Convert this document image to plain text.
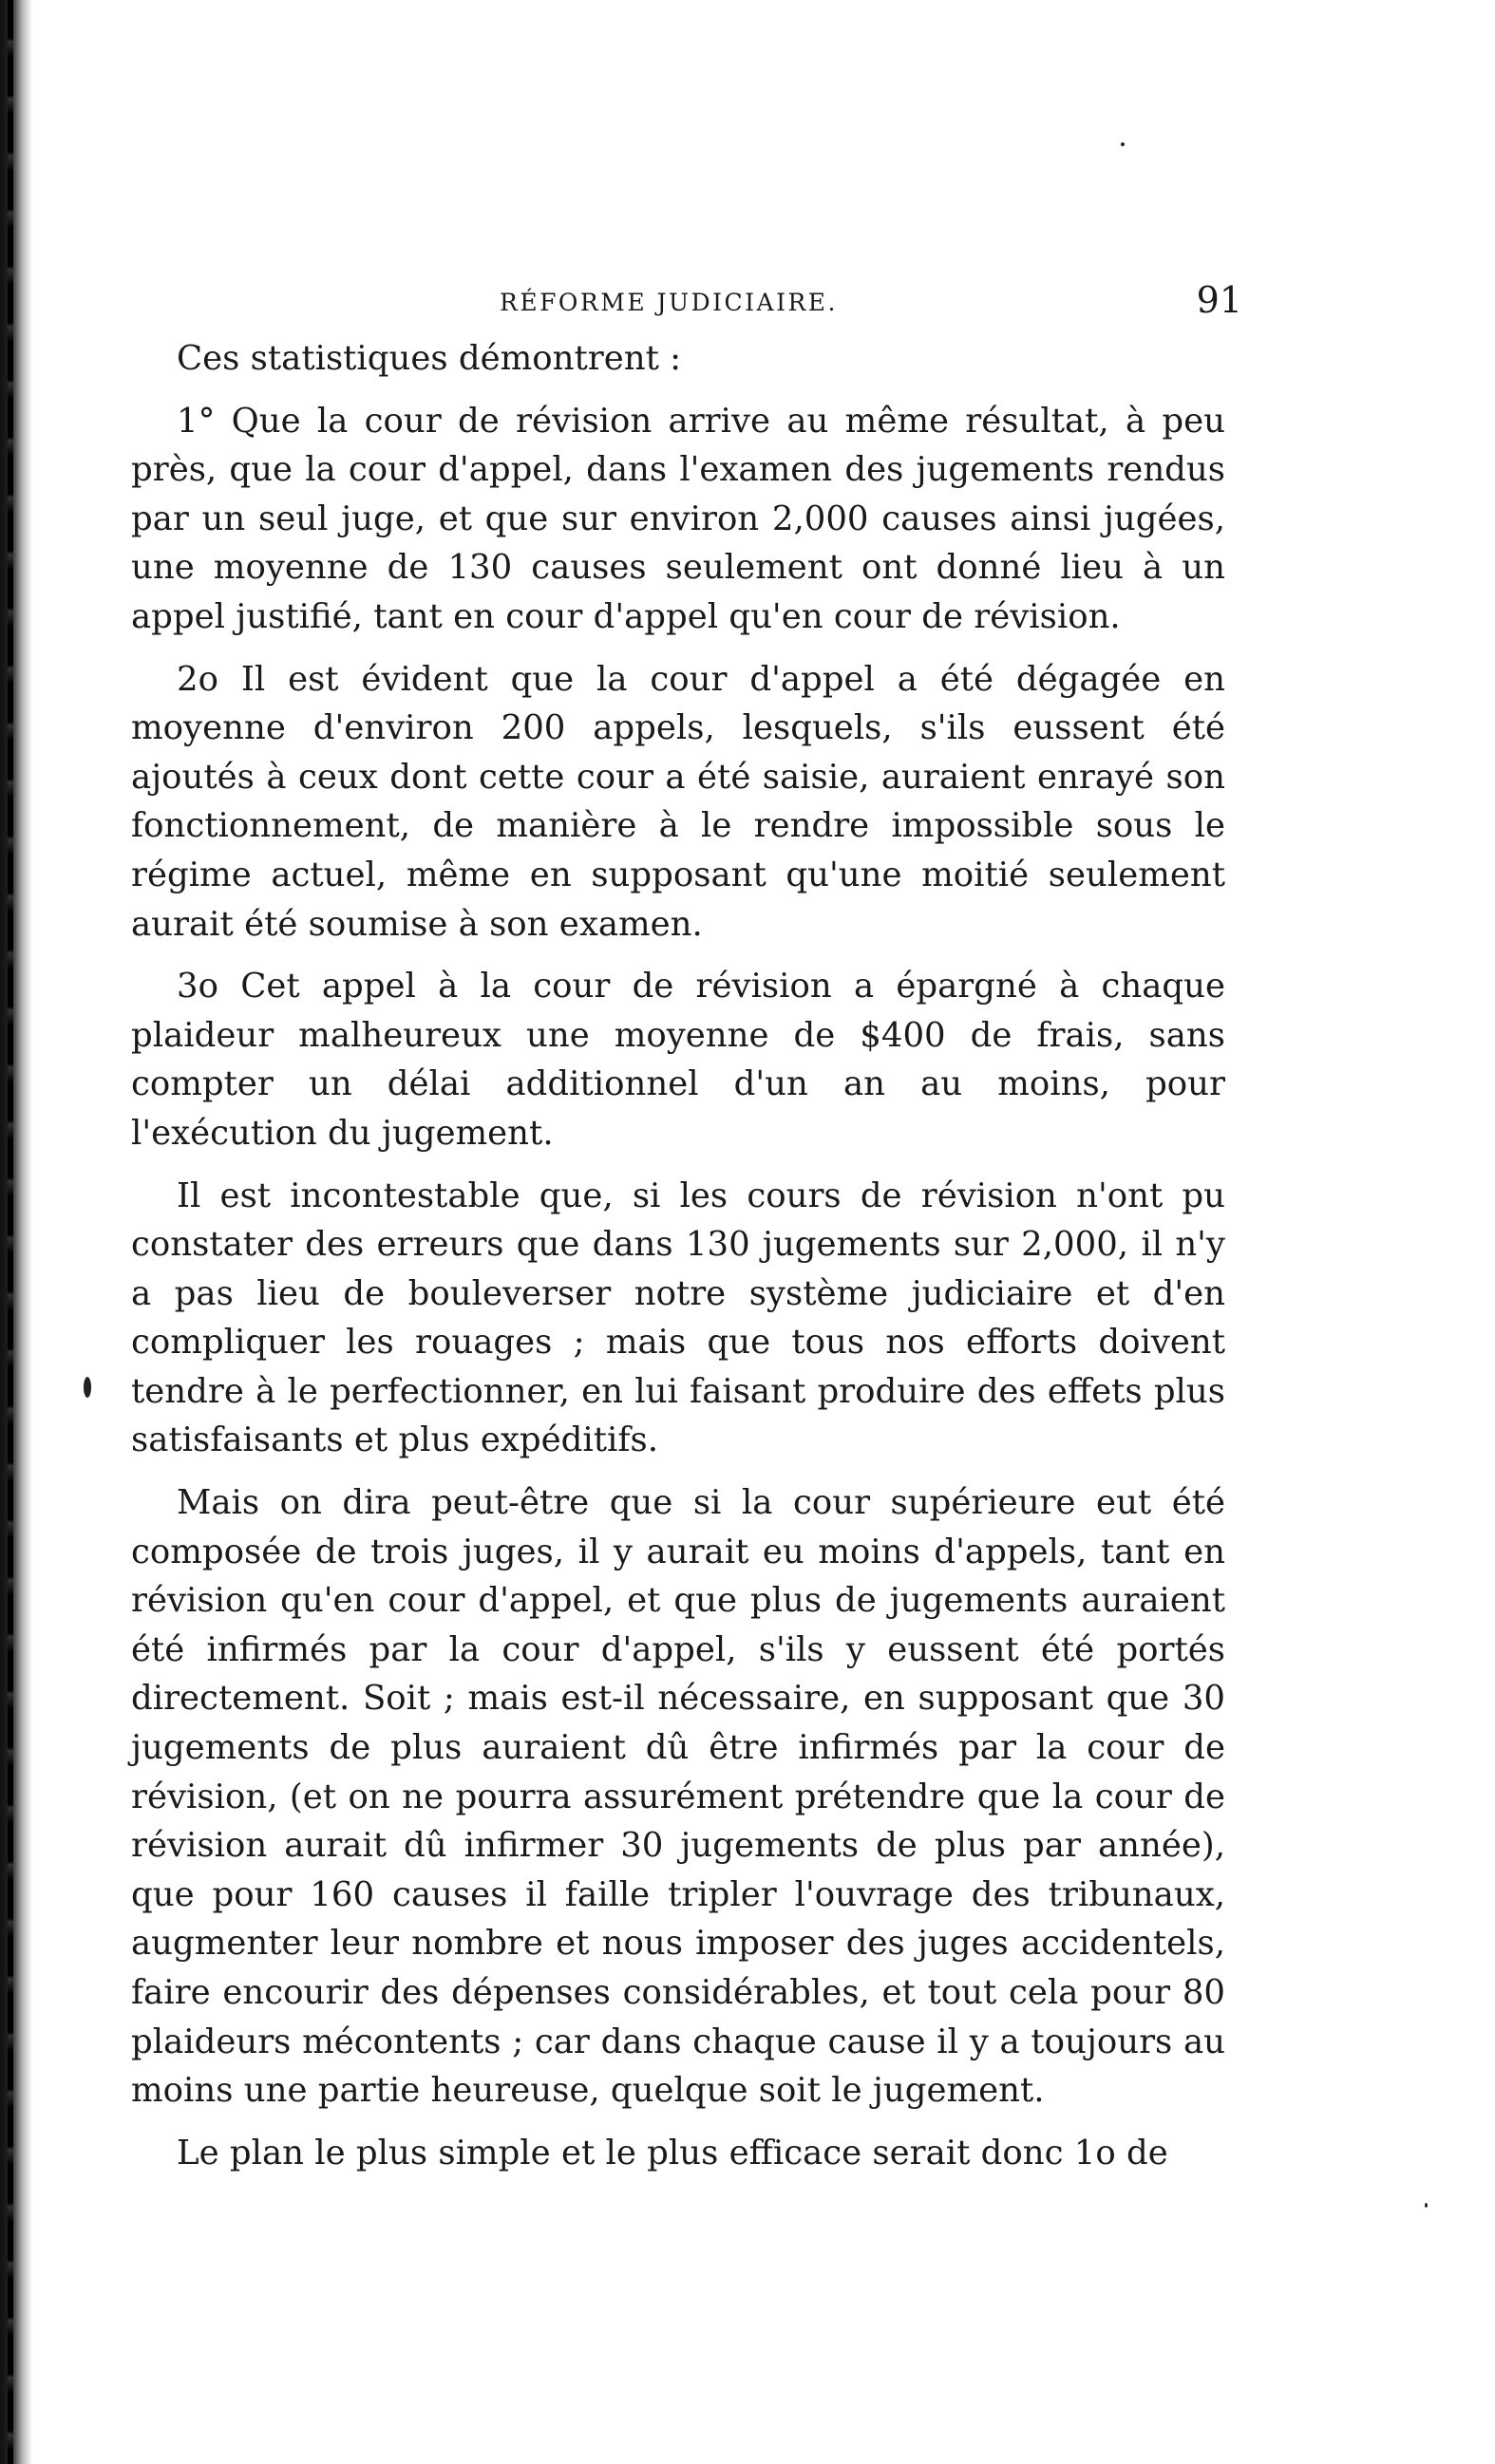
RÉFORME JUDICIAIRE.	91

Ces statistiques démontrent :

1° Que la cour de révision arrive au même résultat, à peu près, que la cour d'appel, dans l'examen des jugements rendus par un seul juge, et que sur environ 2,000 causes ainsi jugées, une moyenne de 130 causes seulement ont donné lieu à un appel justifié, tant en cour d'appel qu'en cour de révision.

2o Il est évident que la cour d'appel a été dégagée en moyenne d'environ 200 appels, lesquels, s'ils eussent été ajoutés à ceux dont cette cour a été saisie, auraient enrayé son fonctionnement, de manière à le rendre impossible sous le régime actuel, même en supposant qu'une moitié seulement aurait été soumise à son examen.

3o Cet appel à la cour de révision a épargné à chaque plaideur malheureux une moyenne de $400 de frais, sans compter un délai additionnel d'un an au moins, pour l'exécution du jugement.

Il est incontestable que, si les cours de révision n'ont pu constater des erreurs que dans 130 jugements sur 2,000, il n'y a pas lieu de bouleverser notre système judiciaire et d'en compliquer les rouages ; mais que tous nos efforts doivent tendre à le perfectionner, en lui faisant produire des effets plus satisfaisants et plus expéditifs.

Mais on dira peut-être que si la cour supérieure eut été composée de trois juges, il y aurait eu moins d'appels, tant en révision qu'en cour d'appel, et que plus de jugements auraient été infirmés par la cour d'appel, s'ils y eussent été portés directement. Soit ; mais est-il nécessaire, en supposant que 30 jugements de plus auraient dû être infirmés par la cour de révision, (et on ne pourra assurément prétendre que la cour de révision aurait dû infirmer 30 jugements de plus par année), que pour 160 causes il faille tripler l'ouvrage des tribunaux, augmenter leur nombre et nous imposer des juges accidentels, faire encourir des dépenses considérables, et tout cela pour 80 plaideurs mécontents ; car dans chaque cause il y a toujours au moins une partie heureuse, quelque soit le jugement.

Le plan le plus simple et le plus efficace serait donc 1o de
